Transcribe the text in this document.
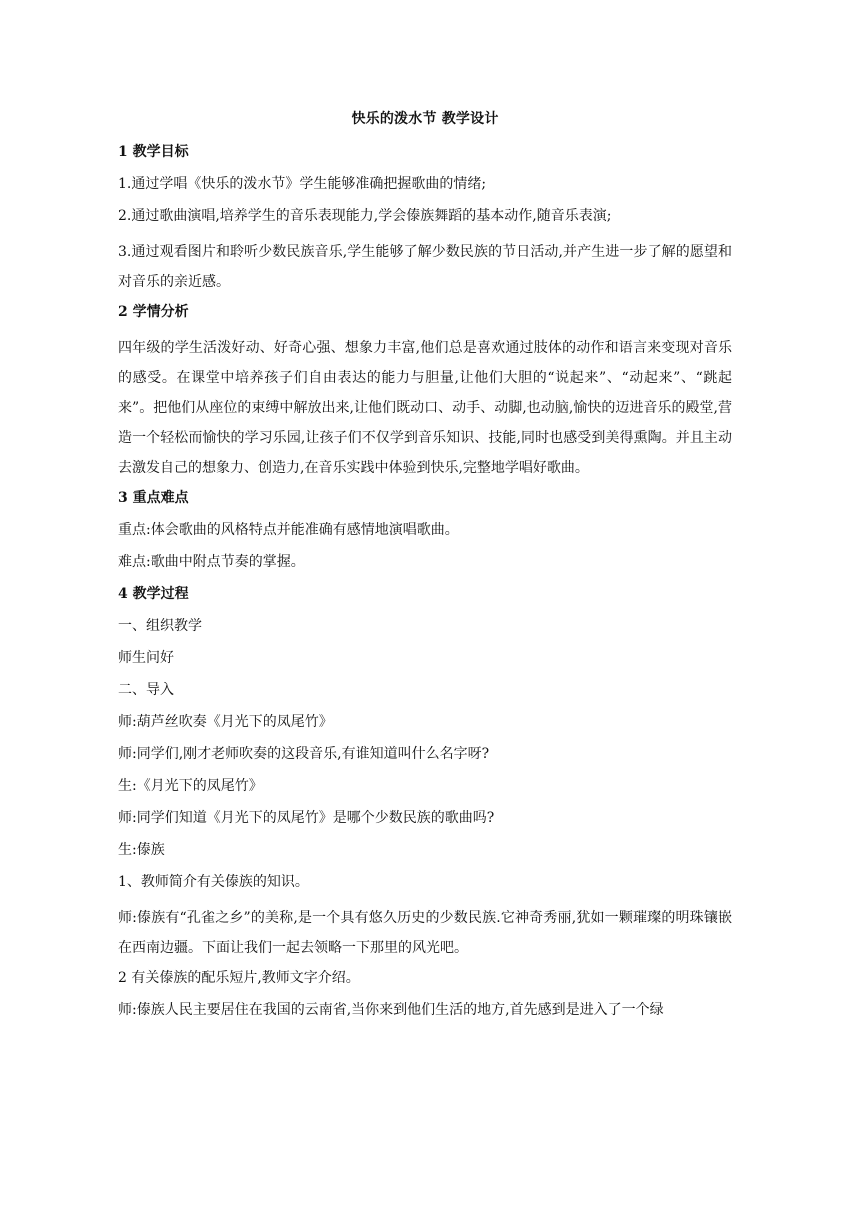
快乐的泼水节 教学设计
1 教学目标
1.通过学唱《快乐的泼水节》学生能够准确把握歌曲的情绪;
2.通过歌曲演唱,培养学生的音乐表现能力,学会傣族舞蹈的基本动作,随音乐表演;
3.通过观看图片和聆听少数民族音乐,学生能够了解少数民族的节日活动,并产生进一步了解的愿望和对音乐的亲近感。
2 学情分析
四年级的学生活泼好动、好奇心强、想象力丰富,他们总是喜欢通过肢体的动作和语言来变现对音乐的感受。在课堂中培养孩子们自由表达的能力与胆量,让他们大胆的“说起来”、“动起来”、“跳起来”。把他们从座位的束缚中解放出来,让他们既动口、动手、动脚,也动脑,愉快的迈进音乐的殿堂,营造一个轻松而愉快的学习乐园,让孩子们不仅学到音乐知识、技能,同时也感受到美得熏陶。并且主动去激发自己的想象力、创造力,在音乐实践中体验到快乐,完整地学唱好歌曲。
3 重点难点
重点:体会歌曲的风格特点并能准确有感情地演唱歌曲。
难点:歌曲中附点节奏的掌握。
4 教学过程
一、组织教学
师生问好
二、导入
师:葫芦丝吹奏《月光下的凤尾竹》
师:同学们,刚才老师吹奏的这段音乐,有谁知道叫什么名字呀?
生:《月光下的凤尾竹》
师:同学们知道《月光下的凤尾竹》是哪个少数民族的歌曲吗?
生:傣族
1、教师简介有关傣族的知识。
师:傣族有“孔雀之乡”的美称,是一个具有悠久历史的少数民族.它神奇秀丽,犹如一颗璀璨的明珠镶嵌在西南边疆。下面让我们一起去领略一下那里的风光吧。
2 有关傣族的配乐短片,教师文字介绍。
师:傣族人民主要居住在我国的云南省,当你来到他们生活的地方,首先感到是进入了一个绿
